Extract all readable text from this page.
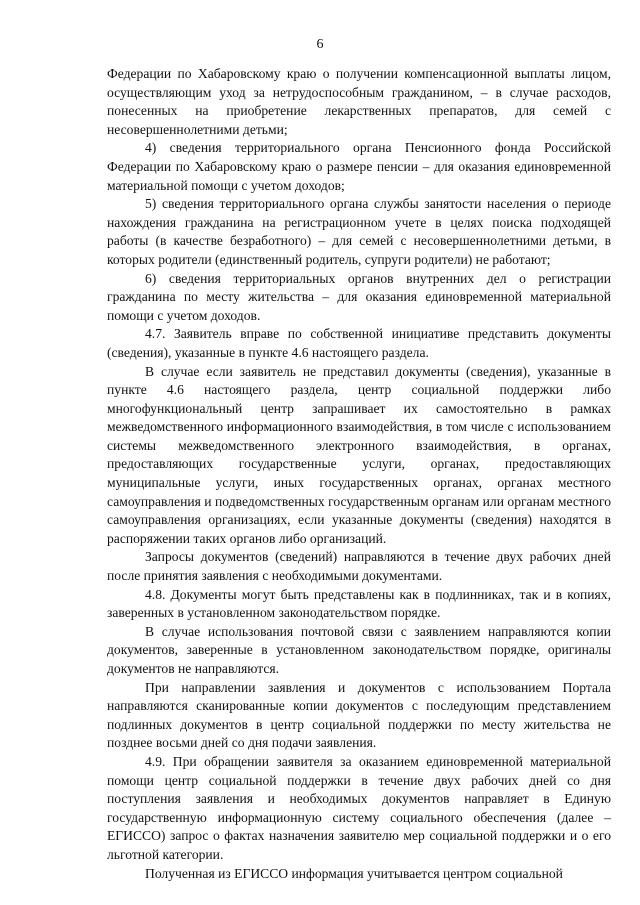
6

Федерации по Хабаровскому краю о получении компенсационной выплаты лицом, осуществляющим уход за нетрудоспособным гражданином, – в случае расходов, понесенных на приобретение лекарственных препаратов, для семей с несовершеннолетними детьми;

4) сведения территориального органа Пенсионного фонда Российской Федерации по Хабаровскому краю о размере пенсии – для оказания единовременной материальной помощи с учетом доходов;

5) сведения территориального органа службы занятости населения о периоде нахождения гражданина на регистрационном учете в целях поиска подходящей работы (в качестве безработного) – для семей с несовершеннолетними детьми, в которых родители (единственный родитель, супруги родители) не работают;

6) сведения территориальных органов внутренних дел о регистрации гражданина по месту жительства – для оказания единовременной материальной помощи с учетом доходов.

4.7. Заявитель вправе по собственной инициативе представить документы (сведения), указанные в пункте 4.6 настоящего раздела.

В случае если заявитель не представил документы (сведения), указанные в пункте 4.6 настоящего раздела, центр социальной поддержки либо многофункциональный центр запрашивает их самостоятельно в рамках межведомственного информационного взаимодействия, в том числе с использованием системы межведомственного электронного взаимодействия, в органах, предоставляющих государственные услуги, органах, предоставляющих муниципальные услуги, иных государственных органах, органах местного самоуправления и подведомственных государственным органам или органам местного самоуправления организациях, если указанные документы (сведения) находятся в распоряжении таких органов либо организаций.

Запросы документов (сведений) направляются в течение двух рабочих дней после принятия заявления с необходимыми документами.

4.8. Документы могут быть представлены как в подлинниках, так и в копиях, заверенных в установленном законодательством порядке.

В случае использования почтовой связи с заявлением направляются копии документов, заверенные в установленном законодательством порядке, оригиналы документов не направляются.

При направлении заявления и документов с использованием Портала направляются сканированные копии документов с последующим представлением подлинных документов в центр социальной поддержки по месту жительства не позднее восьми дней со дня подачи заявления.

4.9. При обращении заявителя за оказанием единовременной материальной помощи центр социальной поддержки в течение двух рабочих дней со дня поступления заявления и необходимых документов направляет в Единую государственную информационную систему социального обеспечения (далее – ЕГИССО) запрос о фактах назначения заявителю мер социальной поддержки и о его льготной категории.

Полученная из ЕГИССО информация учитывается центром социальной
